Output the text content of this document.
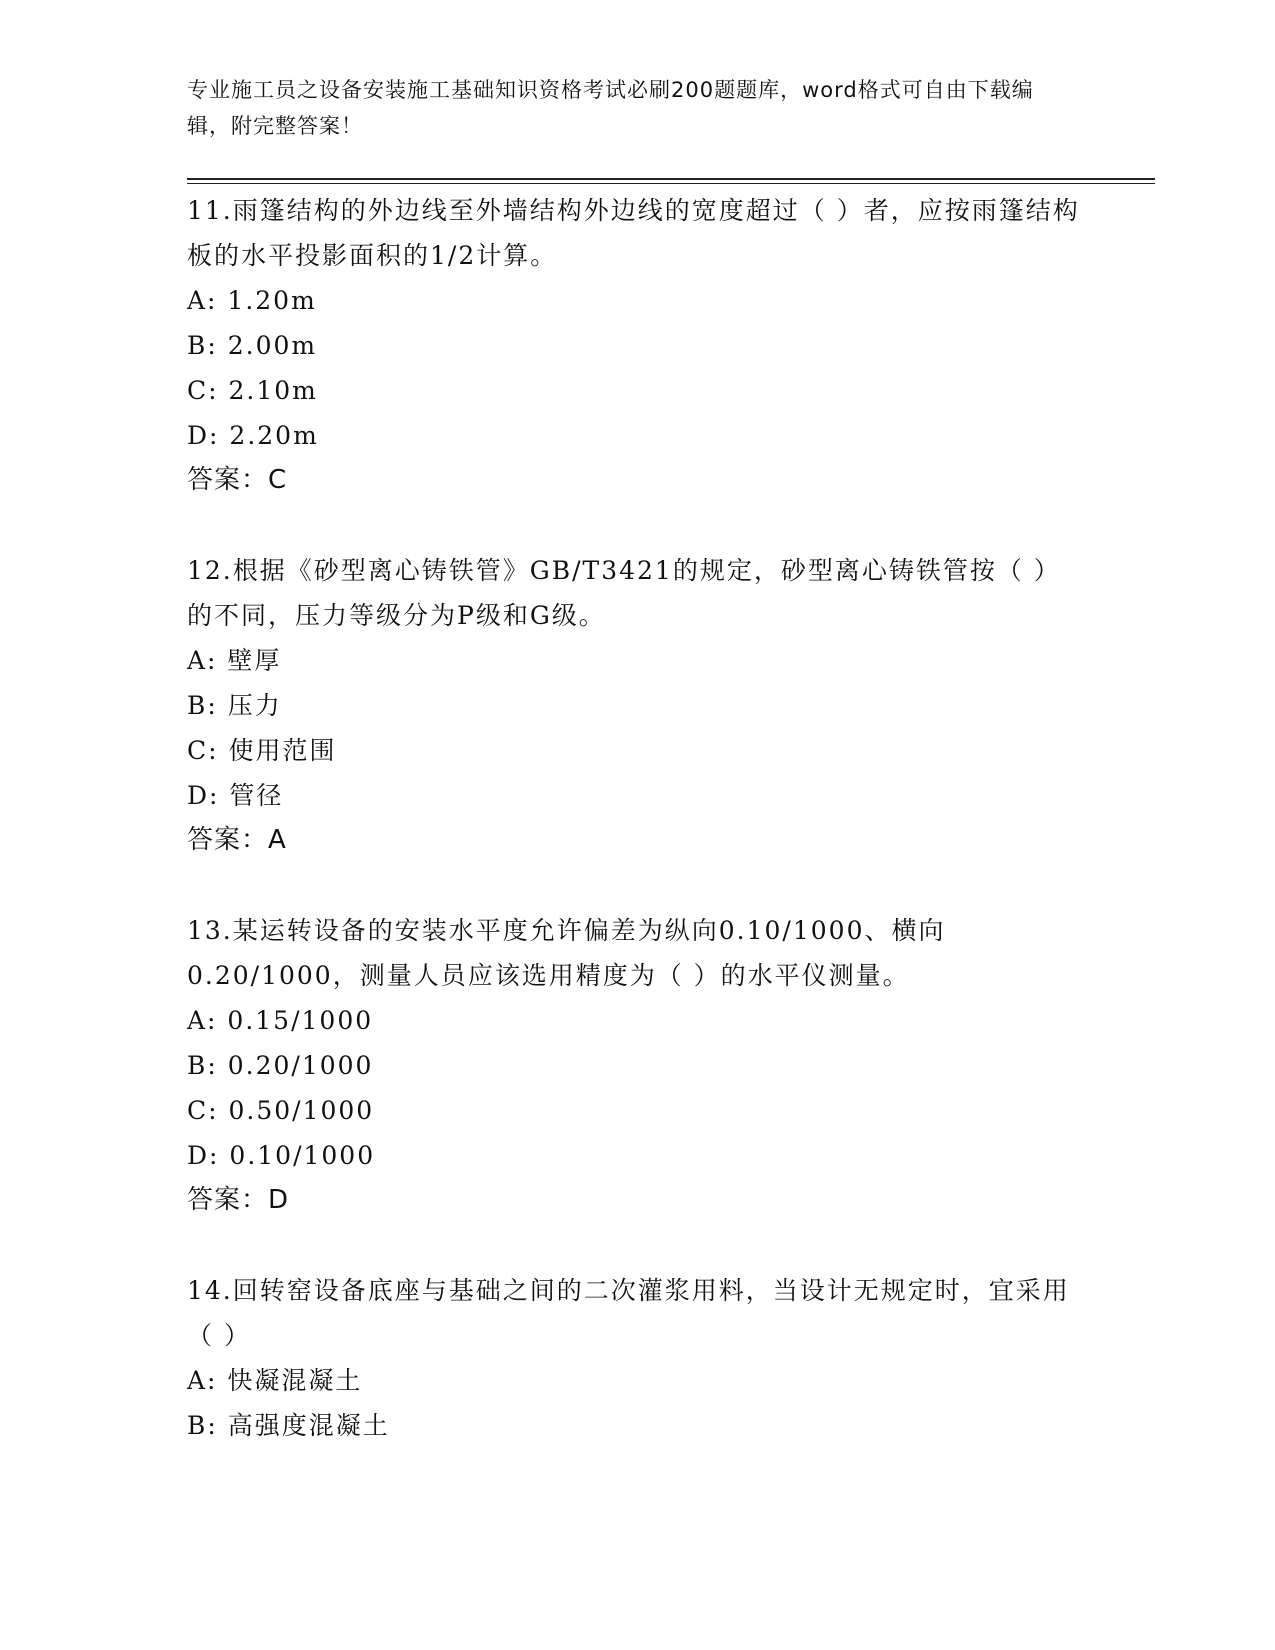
专业施工员之设备安装施工基础知识资格考试必刷200题题库，word格式可自由下载编辑，附完整答案！

11.雨篷结构的外边线至外墙结构外边线的宽度超过（ ）者，应按雨篷结构板的水平投影面积的1/2计算。

A: 1.20m

B: 2.00m

C: 2.10m

D: 2.20m

答案：C

12.根据《砂型离心铸铁管》GB/T3421的规定，砂型离心铸铁管按（ ）的不同，压力等级分为P级和G级。

A: 壁厚

B: 压力

C: 使用范围

D: 管径

答案：A

13.某运转设备的安装水平度允许偏差为纵向0.10/1000、横向0.20/1000，测量人员应该选用精度为（ ）的水平仪测量。

A: 0.15/1000

B: 0.20/1000

C: 0.50/1000

D: 0.10/1000

答案：D

14.回转窑设备底座与基础之间的二次灌浆用料，当设计无规定时，宜采用（ ）

A: 快凝混凝土

B: 高强度混凝土
